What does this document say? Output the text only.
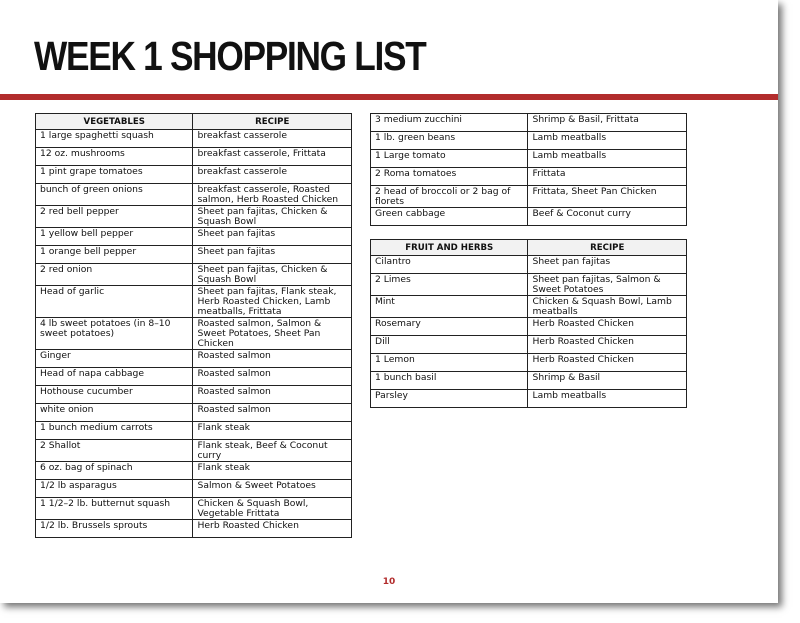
WEEK 1 SHOPPING LIST
VEGETABLES	RECIPE
1 large spaghetti squash	breakfast casserole
12 oz. mushrooms	breakfast casserole, Frittata
1 pint grape tomatoes	breakfast casserole
bunch of green onions	breakfast casserole, Roasted salmon, Herb Roasted Chicken
2 red bell pepper	Sheet pan fajitas, Chicken & Squash Bowl
1 yellow bell pepper	Sheet pan fajitas
1 orange bell pepper	Sheet pan fajitas
2 red onion	Sheet pan fajitas, Chicken & Squash Bowl
Head of garlic	Sheet pan fajitas, Flank steak, Herb Roasted Chicken, Lamb meatballs, Frittata
4 lb sweet potatoes (in 8–10 sweet potatoes)	Roasted salmon, Salmon & Sweet Potatoes, Sheet Pan Chicken
Ginger	Roasted salmon
Head of napa cabbage	Roasted salmon
Hothouse cucumber	Roasted salmon
white onion	Roasted salmon
1 bunch medium carrots	Flank steak
2 Shallot	Flank steak, Beef & Coconut curry
6 oz. bag of spinach	Flank steak
1/2 lb asparagus	Salmon & Sweet Potatoes
1 1/2–2 lb. butternut squash	Chicken & Squash Bowl, Vegetable Frittata
1/2 lb. Brussels sprouts	Herb Roasted Chicken
3 medium zucchini	Shrimp & Basil, Frittata
1 lb. green beans	Lamb meatballs
1 Large tomato	Lamb meatballs
2 Roma tomatoes	Frittata
2 head of broccoli or 2 bag of florets	Frittata, Sheet Pan Chicken
Green cabbage	Beef & Coconut curry
FRUIT AND HERBS	RECIPE
Cilantro	Sheet pan fajitas
2 Limes	Sheet pan fajitas, Salmon & Sweet Potatoes
Mint	Chicken & Squash Bowl, Lamb meatballs
Rosemary	Herb Roasted Chicken
Dill	Herb Roasted Chicken
1 Lemon	Herb Roasted Chicken
1 bunch basil	Shrimp & Basil
Parsley	Lamb meatballs
10
